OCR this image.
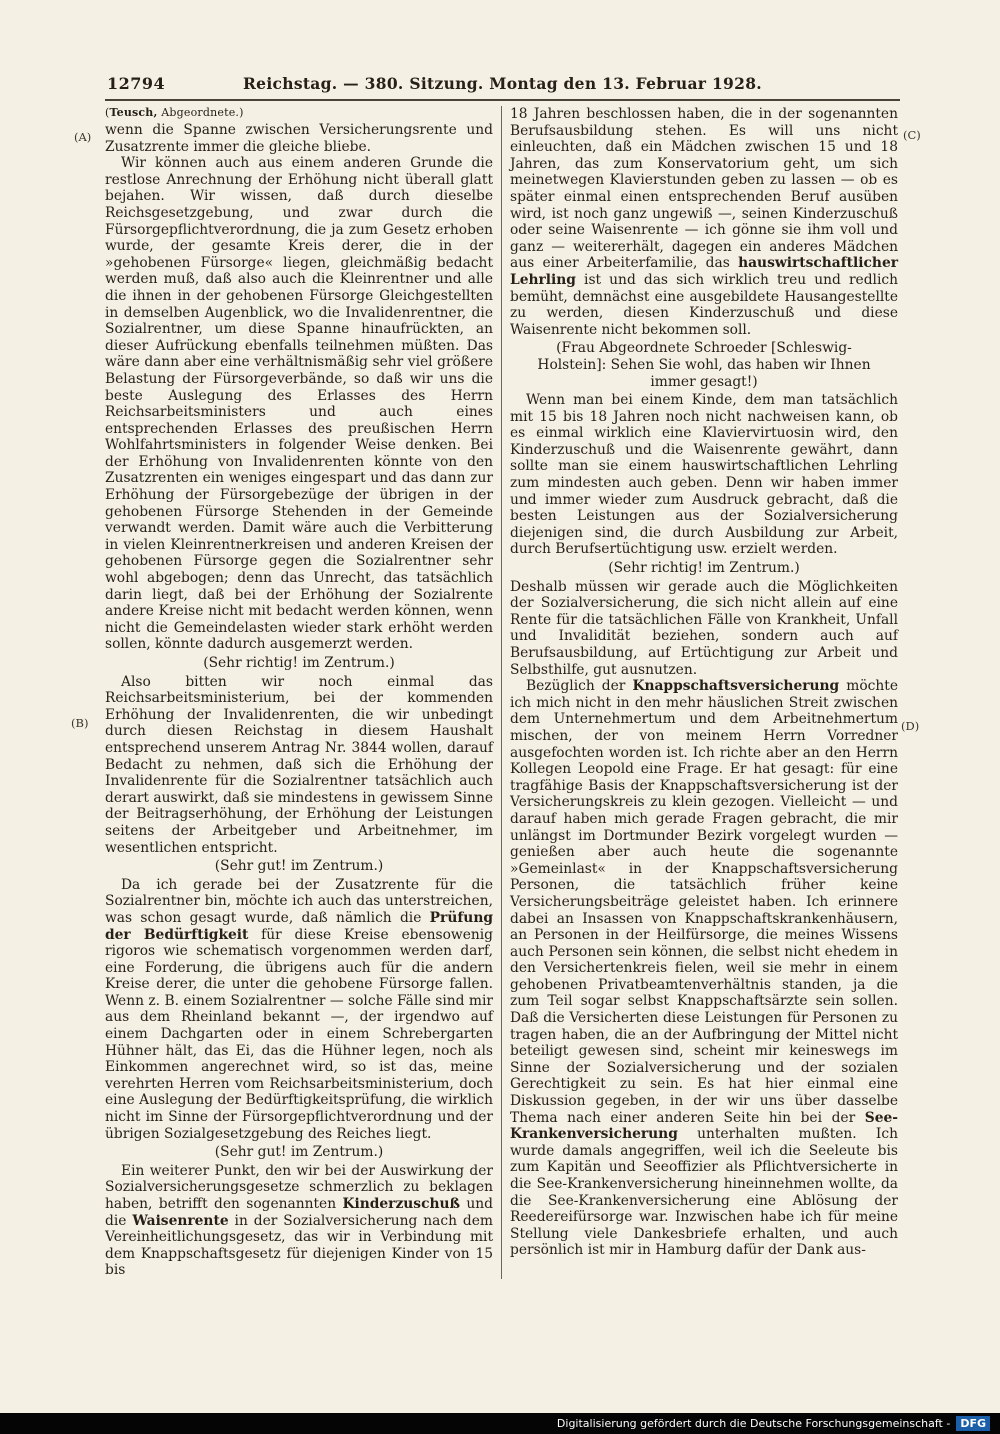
12794	Reichstag. — 380. Sitzung. Montag den 13. Februar 1928.
(A)
(B)
(C)
(D)

(Teusch, Abgeordnete.)

wenn die Spanne zwischen Versicherungsrente und Zusatzrente immer die gleiche bliebe.

Wir können auch aus einem anderen Grunde die restlose Anrechnung der Erhöhung nicht überall glatt bejahen. Wir wissen, daß durch dieselbe Reichsgesetzgebung, und zwar durch die Fürsorgepflichtverordnung, die ja zum Gesetz erhoben wurde, der gesamte Kreis derer, die in der »gehobenen Fürsorge« liegen, gleichmäßig bedacht werden muß, daß also auch die Kleinrentner und alle die ihnen in der gehobenen Fürsorge Gleichgestellten in demselben Augenblick, wo die Invalidenrentner, die Sozialrentner, um diese Spanne hinaufrückten, an dieser Aufrückung ebenfalls teilnehmen müßten. Das wäre dann aber eine verhältnismäßig sehr viel größere Belastung der Fürsorgeverbände, so daß wir uns die beste Auslegung des Erlasses des Herrn Reichsarbeitsministers und auch eines entsprechenden Erlasses des preußischen Herrn Wohlfahrtsministers in folgender Weise denken. Bei der Erhöhung von Invalidenrenten könnte von den Zusatzrenten ein weniges eingespart und das dann zur Erhöhung der Fürsorgebezüge der übrigen in der gehobenen Fürsorge Stehenden in der Gemeinde verwandt werden. Damit wäre auch die Verbitterung in vielen Kleinrentnerkreisen und anderen Kreisen der gehobenen Fürsorge gegen die Sozialrentner sehr wohl abgebogen; denn das Unrecht, das tatsächlich darin liegt, daß bei der Erhöhung der Sozialrente andere Kreise nicht mit bedacht werden können, wenn nicht die Gemeindelasten wieder stark erhöht werden sollen, könnte dadurch ausgemerzt werden.

(Sehr richtig! im Zentrum.)

Also bitten wir noch einmal das Reichsarbeitsministerium, bei der kommenden Erhöhung der Invalidenrenten, die wir unbedingt durch diesen Reichstag in diesem Haushalt entsprechend unserem Antrag Nr. 3844 wollen, darauf Bedacht zu nehmen, daß sich die Erhöhung der Invalidenrente für die Sozialrentner tatsächlich auch derart auswirkt, daß sie mindestens in gewissem Sinne der Beitragserhöhung, der Erhöhung der Leistungen seitens der Arbeitgeber und Arbeitnehmer, im wesentlichen entspricht.

(Sehr gut! im Zentrum.)

Da ich gerade bei der Zusatzrente für die Sozialrentner bin, möchte ich auch das unterstreichen, was schon gesagt wurde, daß nämlich die Prüfung der Bedürftigkeit für diese Kreise ebensowenig rigoros wie schematisch vorgenommen werden darf, eine Forderung, die übrigens auch für die andern Kreise derer, die unter die gehobene Fürsorge fallen. Wenn z. B. einem Sozialrentner — solche Fälle sind mir aus dem Rheinland bekannt —, der irgendwo auf einem Dachgarten oder in einem Schrebergarten Hühner hält, das Ei, das die Hühner legen, noch als Einkommen angerechnet wird, so ist das, meine verehrten Herren vom Reichsarbeitsministerium, doch eine Auslegung der Bedürftigkeitsprüfung, die wirklich nicht im Sinne der Fürsorgepflichtverordnung und der übrigen Sozialgesetzgebung des Reiches liegt.

(Sehr gut! im Zentrum.)

Ein weiterer Punkt, den wir bei der Auswirkung der Sozialversicherungsgesetze schmerzlich zu beklagen haben, betrifft den sogenannten Kinderzuschuß und die Waisenrente in der Sozialversicherung nach dem Vereinheitlichungsgesetz, das wir in Verbindung mit dem Knappschaftsgesetz für diejenigen Kinder von 15 bis

18 Jahren beschlossen haben, die in der sogenannten Berufsausbildung stehen. Es will uns nicht einleuchten, daß ein Mädchen zwischen 15 und 18 Jahren, das zum Konservatorium geht, um sich meinetwegen Klavierstunden geben zu lassen — ob es später einmal einen entsprechenden Beruf ausüben wird, ist noch ganz ungewiß —, seinen Kinderzuschuß oder seine Waisenrente — ich gönne sie ihm voll und ganz — weitererhält, dagegen ein anderes Mädchen aus einer Arbeiterfamilie, das hauswirtschaftlicher Lehrling ist und das sich wirklich treu und redlich bemüht, demnächst eine ausgebildete Hausangestellte zu werden, diesen Kinderzuschuß und diese Waisenrente nicht bekommen soll.

(Frau Abgeordnete Schroeder [Schleswig-Holstein]: Sehen Sie wohl, das haben wir Ihnen immer gesagt!)

Wenn man bei einem Kinde, dem man tatsächlich mit 15 bis 18 Jahren noch nicht nachweisen kann, ob es einmal wirklich eine Klaviervirtuosin wird, den Kinderzuschuß und die Waisenrente gewährt, dann sollte man sie einem hauswirtschaftlichen Lehrling zum mindesten auch geben. Denn wir haben immer und immer wieder zum Ausdruck gebracht, daß die besten Leistungen aus der Sozialversicherung diejenigen sind, die durch Ausbildung zur Arbeit, durch Berufsertüchtigung usw. erzielt werden.

(Sehr richtig! im Zentrum.)

Deshalb müssen wir gerade auch die Möglichkeiten der Sozialversicherung, die sich nicht allein auf eine Rente für die tatsächlichen Fälle von Krankheit, Unfall und Invalidität beziehen, sondern auch auf Berufsausbildung, auf Ertüchtigung zur Arbeit und Selbsthilfe, gut ausnutzen.

Bezüglich der Knappschaftsversicherung möchte ich mich nicht in den mehr häuslichen Streit zwischen dem Unternehmertum und dem Arbeitnehmertum mischen, der von meinem Herrn Vorredner ausgefochten worden ist. Ich richte aber an den Herrn Kollegen Leopold eine Frage. Er hat gesagt: für eine tragfähige Basis der Knappschaftsversicherung ist der Versicherungskreis zu klein gezogen. Vielleicht — und darauf haben mich gerade Fragen gebracht, die mir unlängst im Dortmunder Bezirk vorgelegt wurden — genießen aber auch heute die sogenannte »Gemeinlast« in der Knappschaftsversicherung Personen, die tatsächlich früher keine Versicherungsbeiträge geleistet haben. Ich erinnere dabei an Insassen von Knappschaftskrankenhäusern, an Personen in der Heilfürsorge, die meines Wissens auch Personen sein können, die selbst nicht ehedem in den Versichertenkreis fielen, weil sie mehr in einem gehobenen Privatbeamtenverhältnis standen, ja die zum Teil sogar selbst Knappschaftsärzte sein sollen. Daß die Versicherten diese Leistungen für Personen zu tragen haben, die an der Aufbringung der Mittel nicht beteiligt gewesen sind, scheint mir keineswegs im Sinne der Sozialversicherung und der sozialen Gerechtigkeit zu sein. Es hat hier einmal eine Diskussion gegeben, in der wir uns über dasselbe Thema nach einer anderen Seite hin bei der See-Krankenversicherung unterhalten mußten. Ich wurde damals angegriffen, weil ich die Seeleute bis zum Kapitän und Seeoffizier als Pflichtversicherte in die See-Krankenversicherung hineinnehmen wollte, da die See-Krankenversicherung eine Ablösung der Reedereifürsorge war. Inzwischen habe ich für meine Stellung viele Dankesbriefe erhalten, und auch persönlich ist mir in Hamburg dafür der Dank aus-

Digitalisierung gefördert durch die Deutsche Forschungsgemeinschaft - DFG
